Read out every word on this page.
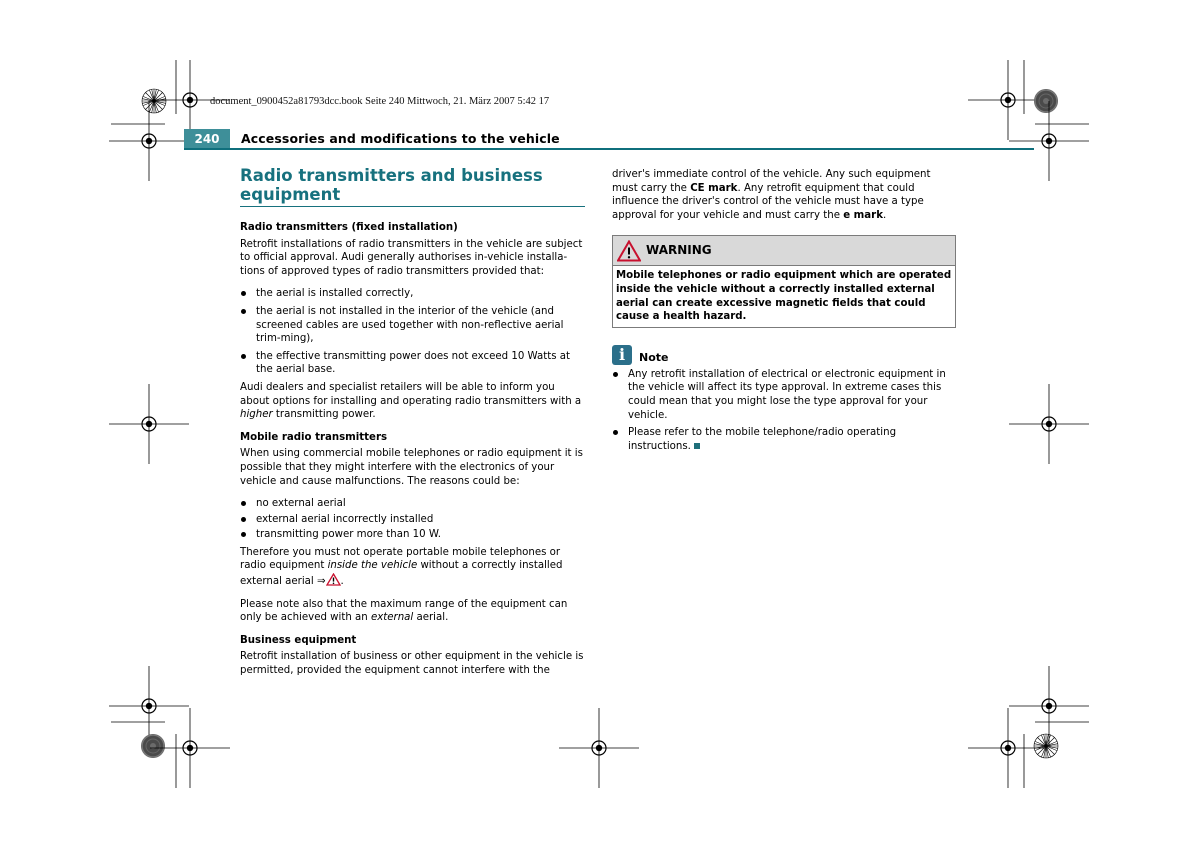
document_0900452a81793dcc.book Seite 240 Mittwoch, 21. März 2007 5:42 17
240	Accessories and modifications to the vehicle
Radio transmitters and business equipment
Radio transmitters (fixed installation)

Retrofit installations of radio transmitters in the vehicle are subject to official approval. Audi generally authorises in-vehicle installa-tions of approved types of radio transmitters provided that:

the aerial is installed correctly,
the aerial is not installed in the interior of the vehicle (and screened cables are used together with non-reflective aerial trim-ming),
the effective transmitting power does not exceed 10 Watts at the aerial base.

Audi dealers and specialist retailers will be able to inform you about options for installing and operating radio transmitters with a higher transmitting power.

Mobile radio transmitters

When using commercial mobile telephones or radio equipment it is possible that they might interfere with the electronics of your vehicle and cause malfunctions. The reasons could be:

no external aerial
external aerial incorrectly installed
transmitting power more than 10 W.

Therefore you must not operate portable mobile telephones or radio equipment inside the vehicle without a correctly installed external aerial ⇒ .

Please note also that the maximum range of the equipment can only be achieved with an external aerial.

Business equipment

Retrofit installation of business or other equipment in the vehicle is permitted, provided the equipment cannot interfere with the

driver's immediate control of the vehicle. Any such equipment must carry the CE mark. Any retrofit equipment that could influence the driver's control of the vehicle must have a type approval for your vehicle and must carry the e mark.

WARNING
Mobile telephones or radio equipment which are operated inside the vehicle without a correctly installed external aerial can create excessive magnetic fields that could cause a health hazard.
i	Note
Any retrofit installation of electrical or electronic equipment in the vehicle will affect its type approval. In extreme cases this could mean that you might lose the type approval for your vehicle.
Please refer to the mobile telephone/radio operating instructions.
